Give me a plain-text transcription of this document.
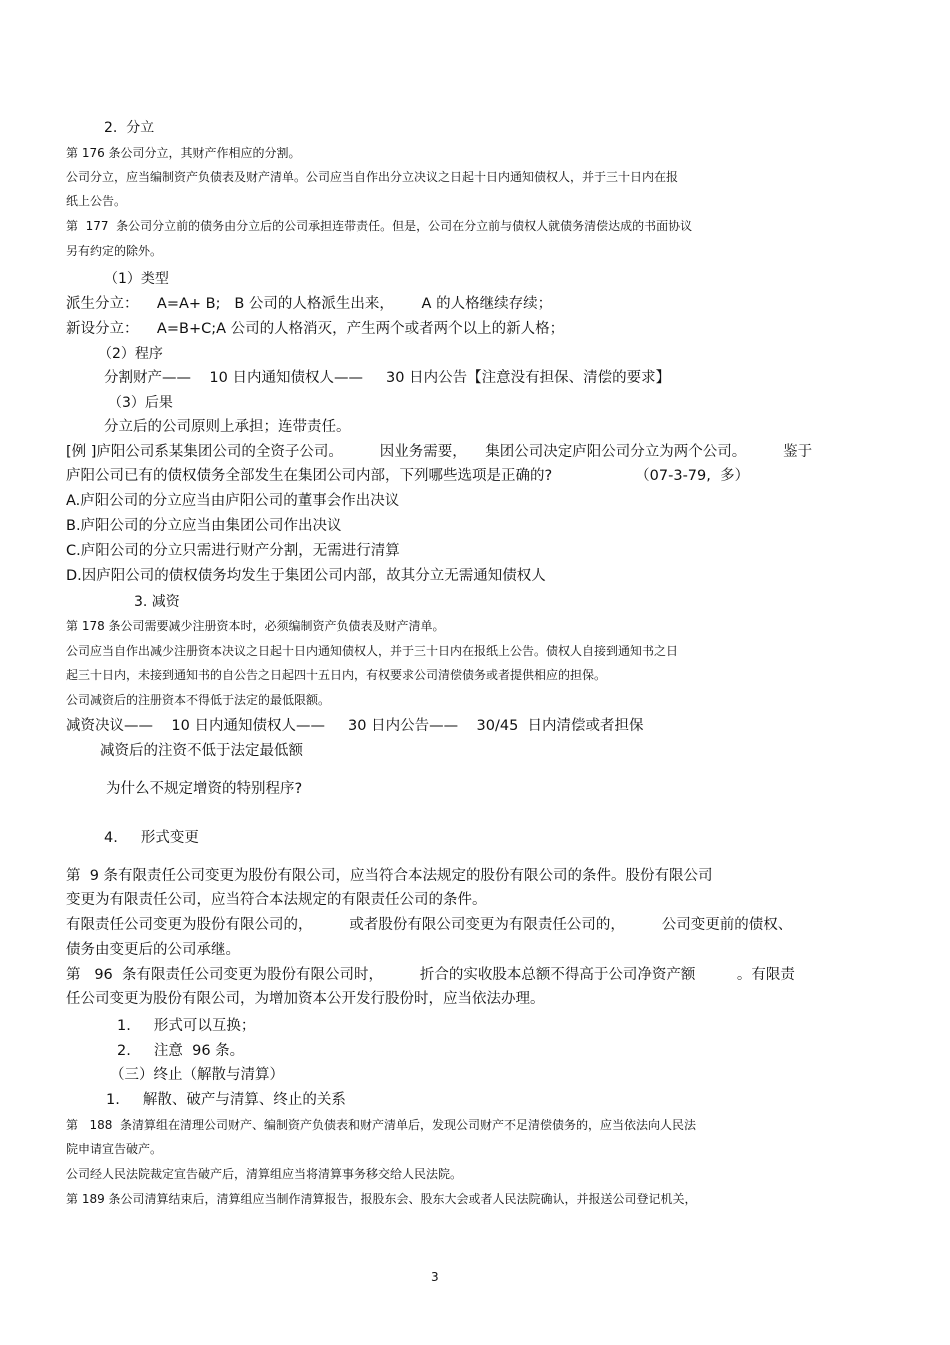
2.  分立
第 176 条公司分立，其财产作相应的分割。
公司分立，应当编制资产负债表及财产清单。公司应当自作出分立决议之日起十日内通知债权人，并于三十日内在报
纸上公告。
第  177  条公司分立前的债务由分立后的公司承担连带责任。但是，公司在分立前与债权人就债务清偿达成的书面协议
另有约定的除外。
（1）类型
派生分立：    A=A+ B;   B 公司的人格派生出来，      A 的人格继续存续；
新设分立：    A=B+C;A 公司的人格消灭，产生两个或者两个以上的新人格；
（2）程序
分割财产——    10 日内通知债权人——     30 日内公告【注意没有担保、清偿的要求】
（3）后果
分立后的公司原则上承担；连带责任。
[例 ]庐阳公司系某集团公司的全资子公司。        因业务需要，    集团公司决定庐阳公司分立为两个公司。        鉴于
庐阳公司已有的债权债务全部发生在集团公司内部，下列哪些选项是正确的?                  （07-3-79,  多）
A.庐阳公司的分立应当由庐阳公司的董事会作出决议
B.庐阳公司的分立应当由集团公司作出决议
C.庐阳公司的分立只需进行财产分割，无需进行清算
D.因庐阳公司的债权债务均发生于集团公司内部，故其分立无需通知债权人
3. 减资
第 178 条公司需要减少注册资本时，必须编制资产负债表及财产清单。
公司应当自作出减少注册资本决议之日起十日内通知债权人，并于三十日内在报纸上公告。债权人自接到通知书之日
起三十日内，未接到通知书的自公告之日起四十五日内，有权要求公司清偿债务或者提供相应的担保。
公司减资后的注册资本不得低于法定的最低限额。
减资决议——    10 日内通知债权人——     30 日内公告——    30/45  日内清偿或者担保
减资后的注资不低于法定最低额
为什么不规定增资的特别程序?
4.     形式变更
第  9 条有限责任公司变更为股份有限公司，应当符合本法规定的股份有限公司的条件。股份有限公司
变更为有限责任公司，应当符合本法规定的有限责任公司的条件。
有限责任公司变更为股份有限公司的，        或者股份有限公司变更为有限责任公司的，        公司变更前的债权、
债务由变更后的公司承继。
第   96  条有限责任公司变更为股份有限公司时，        折合的实收股本总额不得高于公司净资产额         。有限责
任公司变更为股份有限公司，为增加资本公开发行股份时，应当依法办理。
1.     形式可以互换；
2.     注意  96 条。
（三）终止（解散与清算）
1.     解散、破产与清算、终止的关系
第   188  条清算组在清理公司财产、编制资产负债表和财产清单后，发现公司财产不足清偿债务的，应当依法向人民法
院申请宣告破产。
公司经人民法院裁定宣告破产后，清算组应当将清算事务移交给人民法院。
第 189 条公司清算结束后，清算组应当制作清算报告，报股东会、股东大会或者人民法院确认，并报送公司登记机关，
3
